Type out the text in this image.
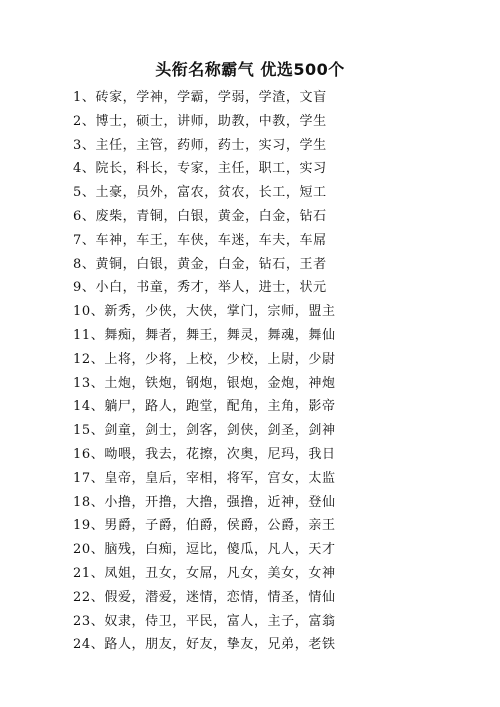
头衔名称霸气 优选500个
1、砖家，学神，学霸，学弱，学渣，文盲
2、博士，硕士，讲师，助教，中教，学生
3、主任，主管，药师，药士，实习，学生
4、院长，科长，专家，主任，职工，实习
5、土豪，员外，富农，贫农，长工，短工
6、废柴，青铜，白银，黄金，白金，钻石
7、车神，车王，车侠，车迷，车夫，车屌
8、黄铜，白银，黄金，白金，钻石，王者
9、小白，书童，秀才，举人，进士，状元
10、新秀，少侠，大侠，掌门，宗师，盟主
11、舞痴，舞者，舞王，舞灵，舞魂，舞仙
12、上将，少将，上校，少校，上尉，少尉
13、土炮，铁炮，钢炮，银炮，金炮，神炮
14、躺尸，路人，跑堂，配角，主角，影帝
15、剑童，剑士，剑客，剑侠，剑圣，剑神
16、呦喂，我去，花擦，次奥，尼玛，我日
17、皇帝，皇后，宰相，将军，宫女，太监
18、小撸，开撸，大撸，强撸，近神，登仙
19、男爵，子爵，伯爵，侯爵，公爵，亲王
20、脑残，白痴，逗比，傻瓜，凡人，天才
21、凤姐，丑女，女屌，凡女，美女，女神
22、假爱，潜爱，迷情，恋情，情圣，情仙
23、奴隶，侍卫，平民，富人，主子，富翁
24、路人，朋友，好友，挚友，兄弟，老铁
